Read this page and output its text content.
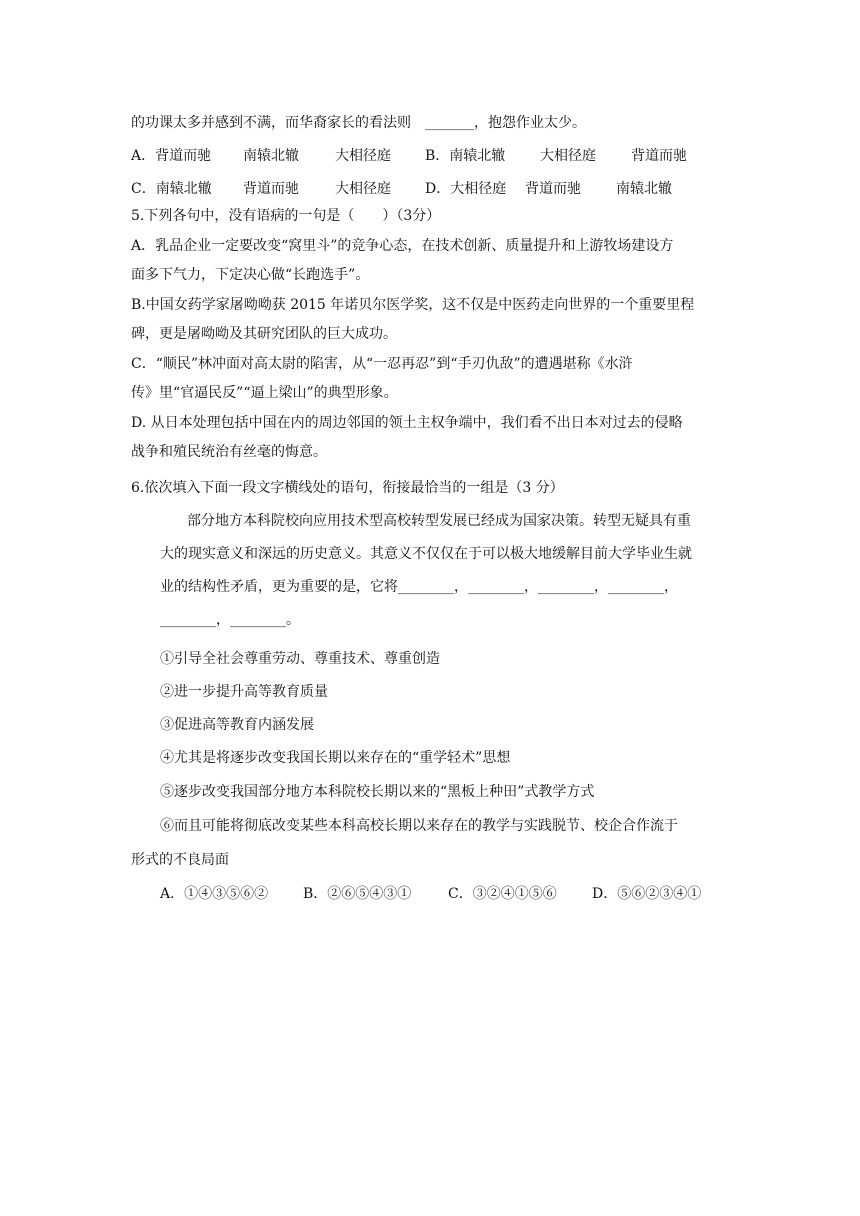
的功课太多并感到不满，而华裔家长的看法则　_______，抱怨作业太少。
A．背道而驰 南辕北辙	大相径庭 B．南辕北辙 大相径庭	背道而驰
C．南辕北辙 背道而驰	大相径庭 D．大相径庭 背道而驰	南辕北辙
5.下列各句中，没有语病的一句是（　　）（3分）
A．乳品企业一定要改变“窝里斗”的竞争心态，在技术创新、质量提升和上游牧场建设方
面多下气力，下定决心做“长跑选手”。
B.中国女药学家屠呦呦获 2015 年诺贝尔医学奖，这不仅是中医药走向世界的一个重要里程
碑，更是屠呦呦及其研究团队的巨大成功。
C．“顺民”林冲面对高太尉的陷害，从“一忍再忍”到“手刃仇敌”的遭遇堪称《水浒
传》里“官逼民反”“逼上梁山”的典型形象。
D. 从日本处理包括中国在内的周边邻国的领土主权争端中，我们看不出日本对过去的侵略
战争和殖民统治有丝毫的悔意。
6.依次填入下面一段文字横线处的语句，衔接最恰当的一组是（3 分）
部分地方本科院校向应用技术型高校转型发展已经成为国家决策。转型无疑具有重
大的现实意义和深远的历史意义。其意义不仅仅在于可以极大地缓解目前大学毕业生就
业的结构性矛盾，更为重要的是，它将________，________，________，________，
________，________。
①引导全社会尊重劳动、尊重技术、尊重创造
②进一步提升高等教育质量
③促进高等教育内涵发展
④尤其是将逐步改变我国长期以来存在的“重学轻术”思想
⑤逐步改变我国部分地方本科院校长期以来的“黑板上种田”式教学方式
⑥而且可能将彻底改变某些本科高校长期以来存在的教学与实践脱节、校企合作流于
形式的不良局面
A．①④③⑤⑥② B．②⑥⑤④③①	C．③②④①⑤⑥	D．⑤⑥②③④①
